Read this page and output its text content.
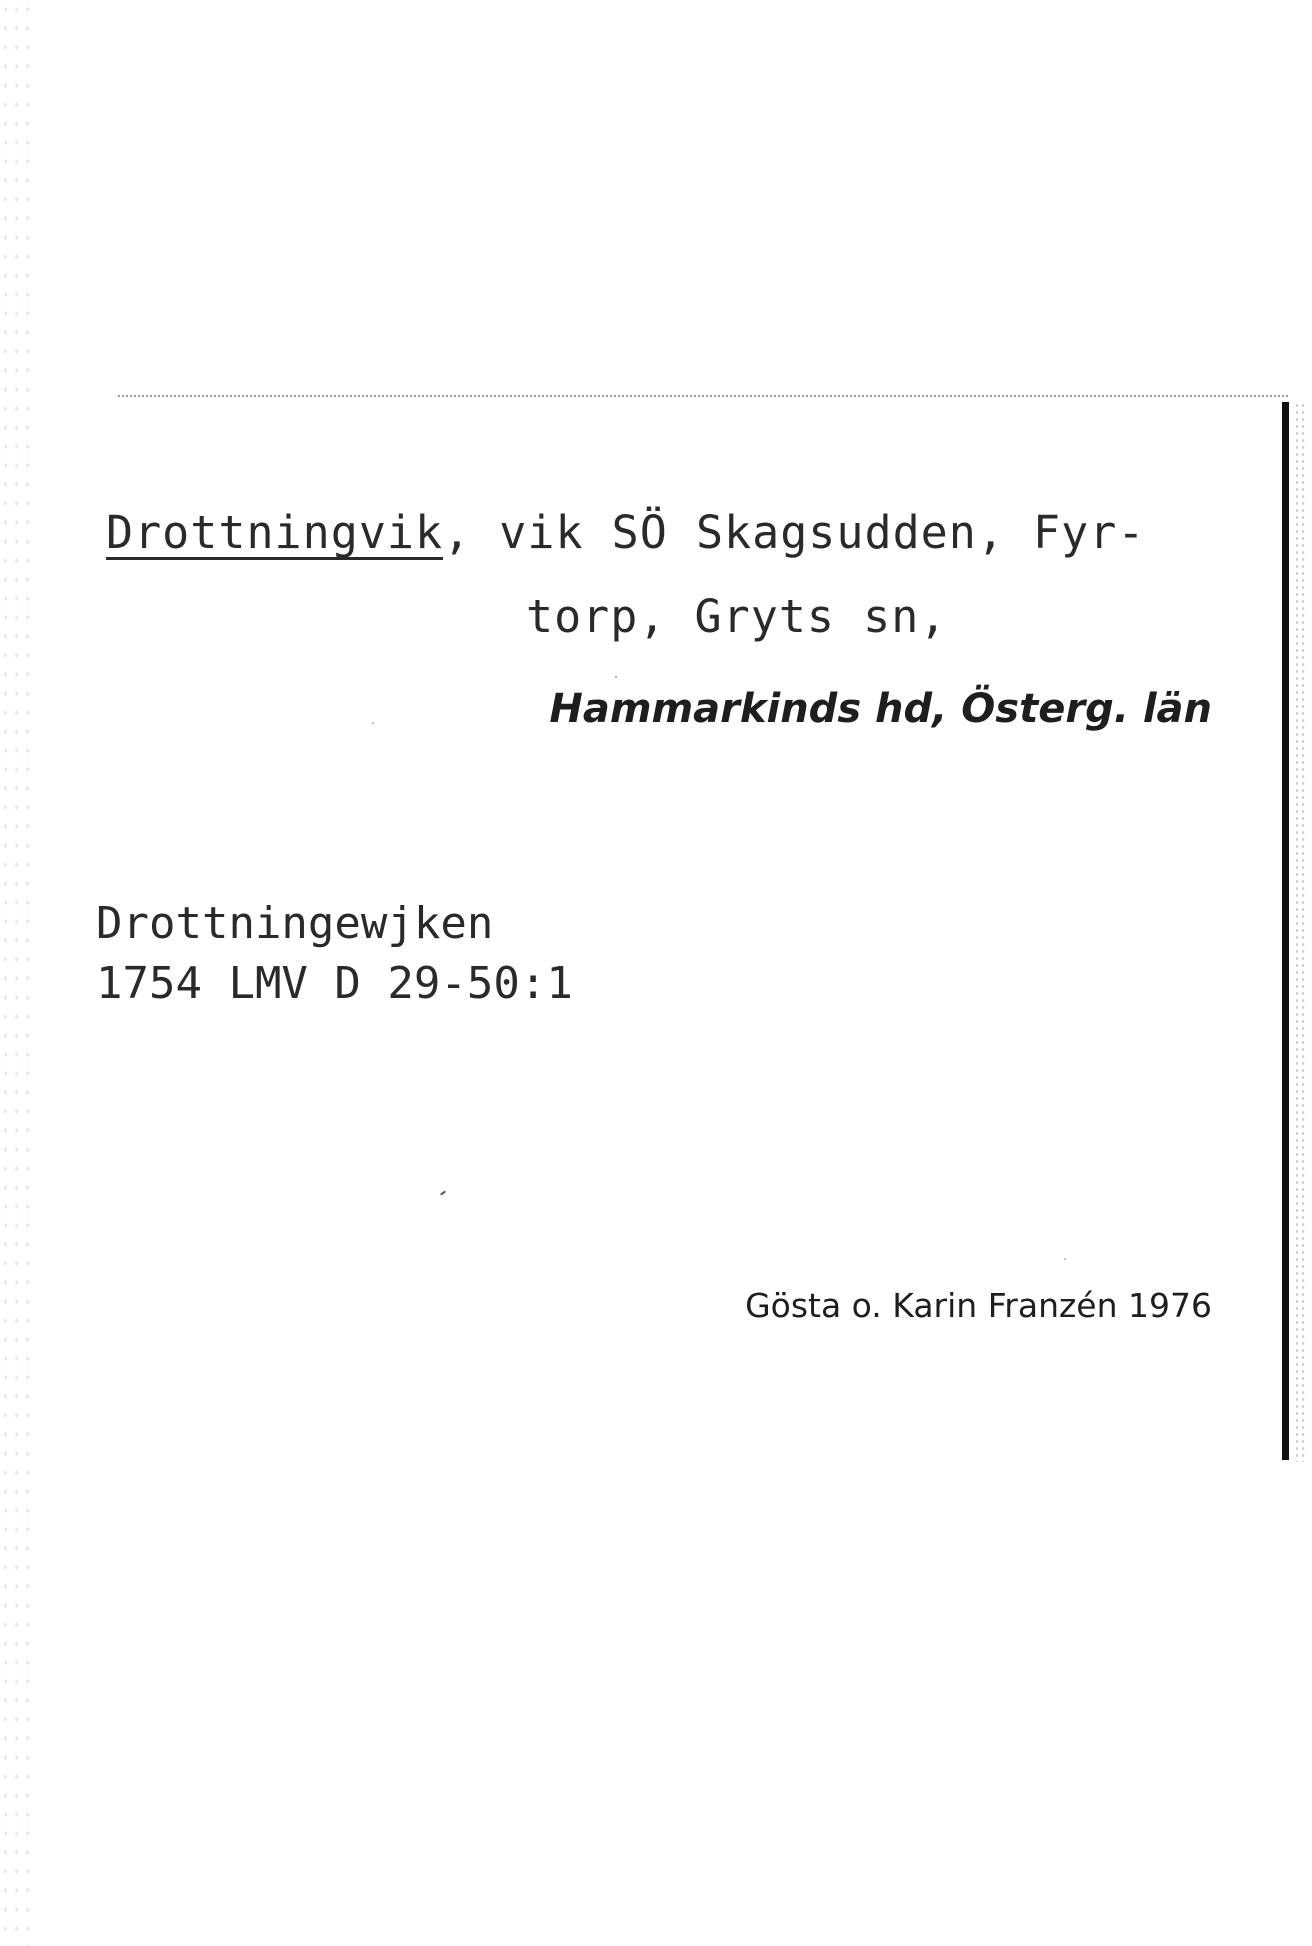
Drottningvik, vik SÖ Skagsudden, Fyr-

torp, Gryts sn,

Hammarkinds hd, Österg. län

Drottningewjken

1754 LMV D 29-50:1

Gösta o. Karin Franzén 1976
